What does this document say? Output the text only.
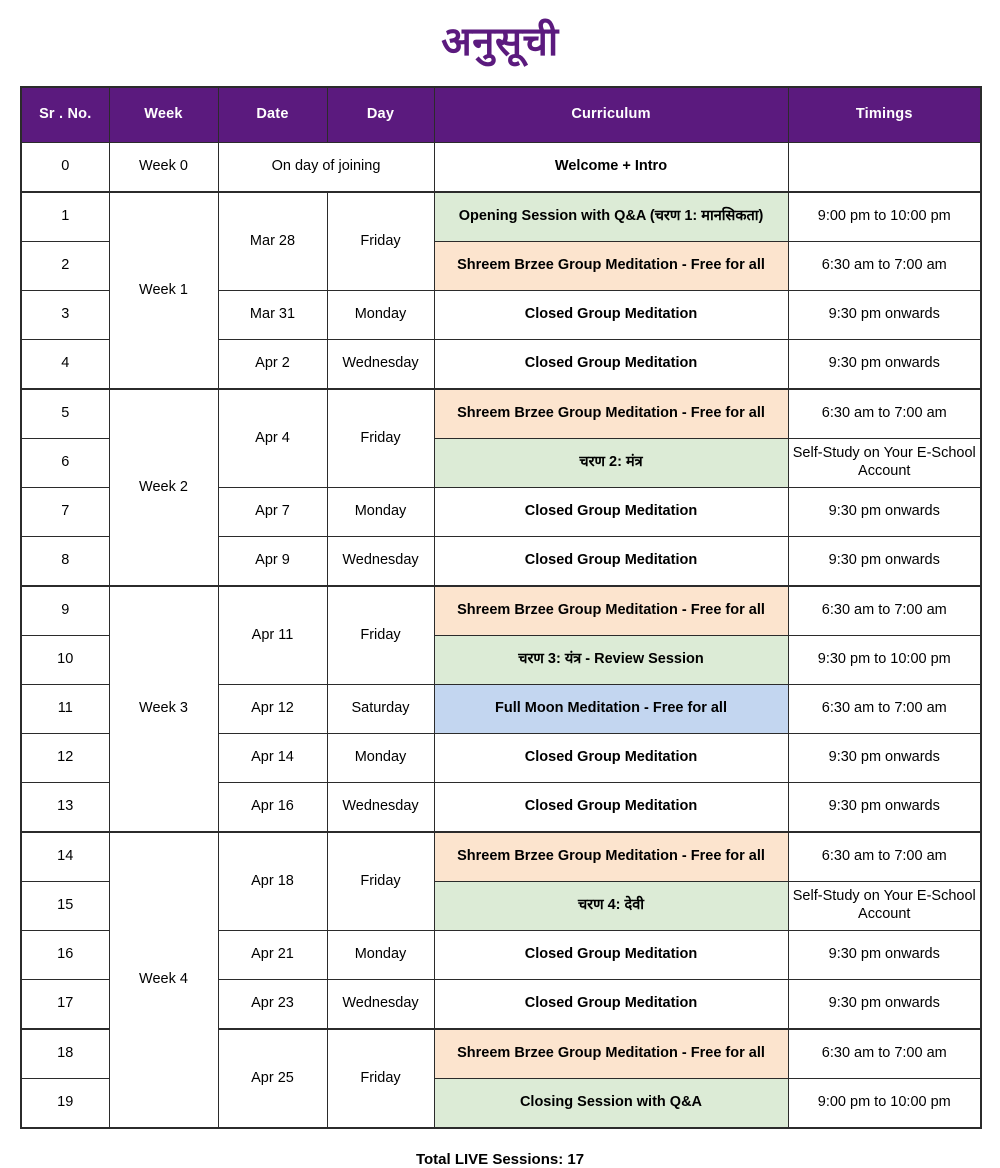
अनुसूची
Sr . No.	Week	Date	Day	Curriculum	Timings
0	Week 0	On day of joining		Welcome + Intro	
1	Week 1	Mar 28	Friday	Opening Session with Q&A (चरण 1: मानसिकता)	9:00 pm to 10:00 pm
2				Shreem Brzee Group Meditation - Free for all	6:30 am to 7:00 am
3		Mar 31	Monday	Closed Group Meditation	9:30 pm onwards
4		Apr 2	Wednesday	Closed Group Meditation	9:30 pm onwards
5	Week 2	Apr 4	Friday	Shreem Brzee Group Meditation - Free for all	6:30 am to 7:00 am
6				चरण 2: मंत्र	Self-Study on Your E-School Account
7		Apr 7	Monday	Closed Group Meditation	9:30 pm onwards
8		Apr 9	Wednesday	Closed Group Meditation	9:30 pm onwards
9	Week 3	Apr 11	Friday	Shreem Brzee Group Meditation - Free for all	6:30 am to 7:00 am
10				चरण 3: यंत्र - Review Session	9:30 pm to 10:00 pm
11		Apr 12	Saturday	Full Moon Meditation - Free for all	6:30 am to 7:00 am
12		Apr 14	Monday	Closed Group Meditation	9:30 pm onwards
13		Apr 16	Wednesday	Closed Group Meditation	9:30 pm onwards
14	Week 4	Apr 18	Friday	Shreem Brzee Group Meditation - Free for all	6:30 am to 7:00 am
15				चरण 4: देवी	Self-Study on Your E-School Account
16		Apr 21	Monday	Closed Group Meditation	9:30 pm onwards
17		Apr 23	Wednesday	Closed Group Meditation	9:30 pm onwards
18		Apr 25	Friday	Shreem Brzee Group Meditation - Free for all	6:30 am to 7:00 am
19				Closing Session with Q&A	9:00 pm to 10:00 pm
Total LIVE Sessions: 17
